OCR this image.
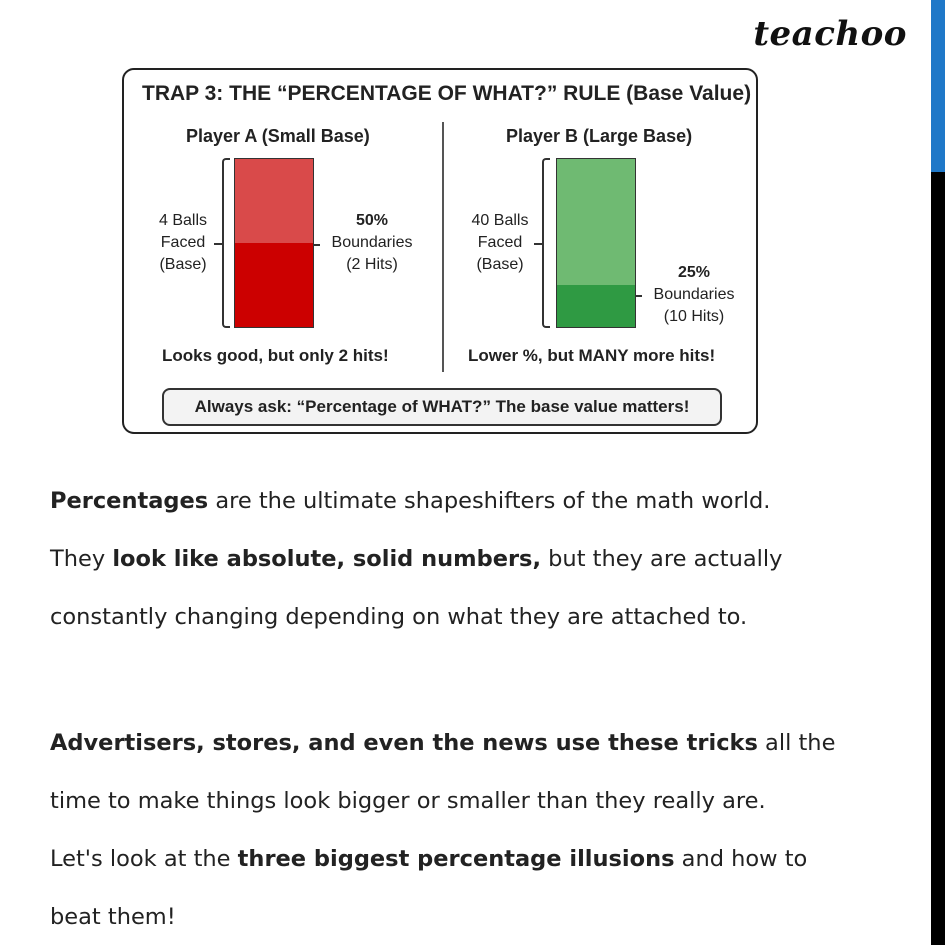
teachoo
TRAP 3: THE “PERCENTAGE OF WHAT?” RULE (Base Value)
Player A (Small Base)
4 Balls
Faced
(Base)
50%
Boundaries
(2 Hits)
Looks good, but only 2 hits!
Player B (Large Base)
40 Balls
Faced
(Base)	25%
Boundaries
(10 Hits)
Lower %, but MANY more hits!
Always ask: “Percentage of WHAT?” The base value matters!

Percentages are the ultimate shapeshifters of the math world.

They look like absolute, solid numbers, but they are actually

constantly changing depending on what they are attached to.

Advertisers, stores, and even the news use these tricks all the

time to make things look bigger or smaller than they really are.

Let's look at the three biggest percentage illusions and how to

beat them!
